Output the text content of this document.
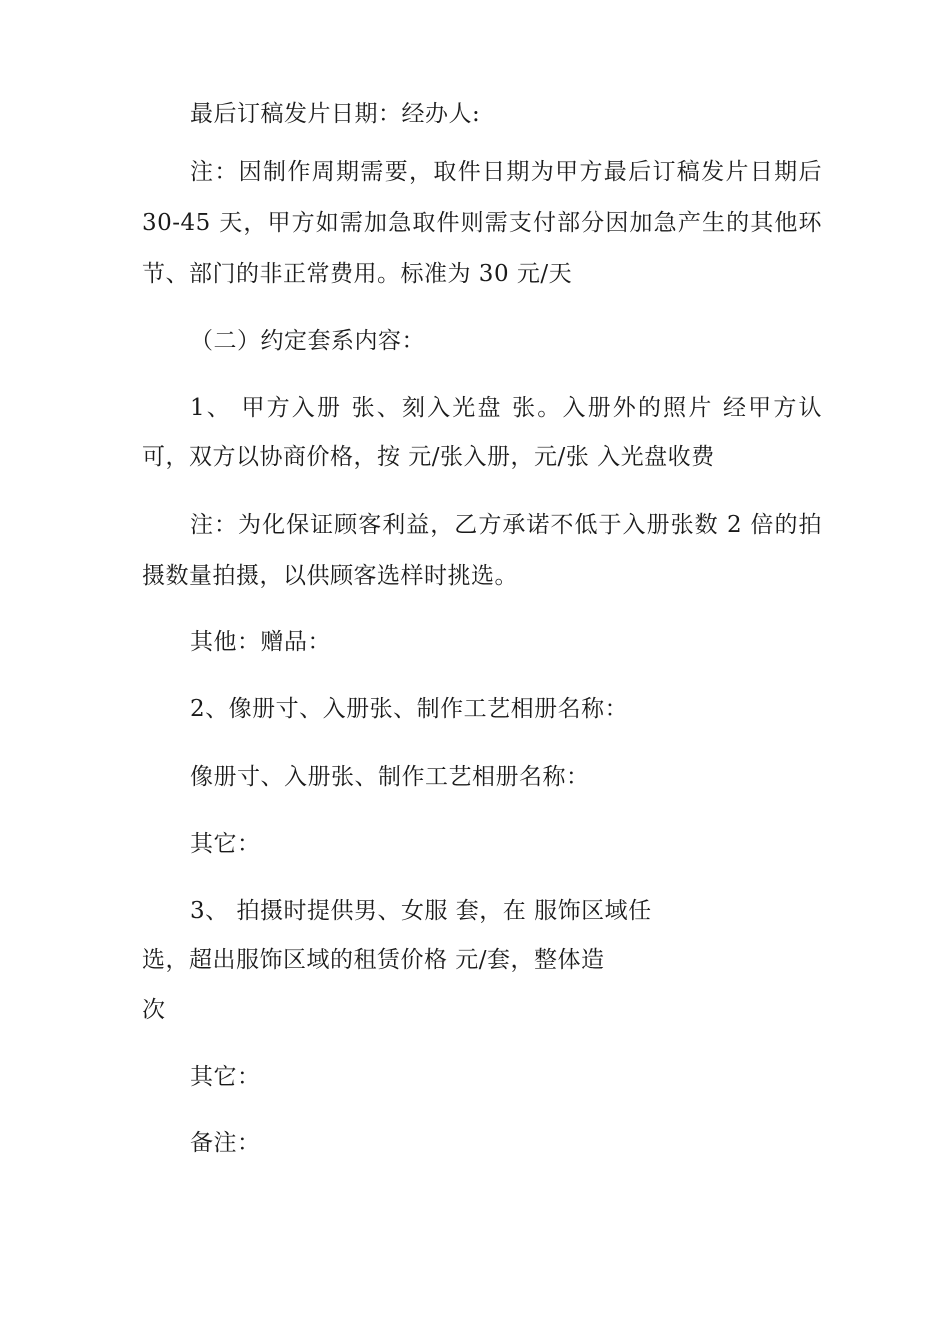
最后订稿发片日期：经办人:
注：因制作周期需要，取件日期为甲方最后订稿发片日期后
30-45 天，甲方如需加急取件则需支付部分因加急产生的其他环
节、部门的非正常费用。标准为 30 元/天
（二）约定套系内容：
1、 甲方入册 张、刻入光盘 张。入册外的照片 经甲方认
可，双方以协商价格，按 元/张入册，元/张 入光盘收费
注：为化保证顾客利益，乙方承诺不低于入册张数 2 倍的拍
摄数量拍摄，以供顾客选样时挑选。
其他：赠品：
2、像册寸、入册张、制作工艺相册名称：
像册寸、入册张、制作工艺相册名称：
其它：
3、 拍摄时提供男、女服 套，在 服饰区域任
选，超出服饰区域的租赁价格 元/套，整体造
次
其它：
备注：
